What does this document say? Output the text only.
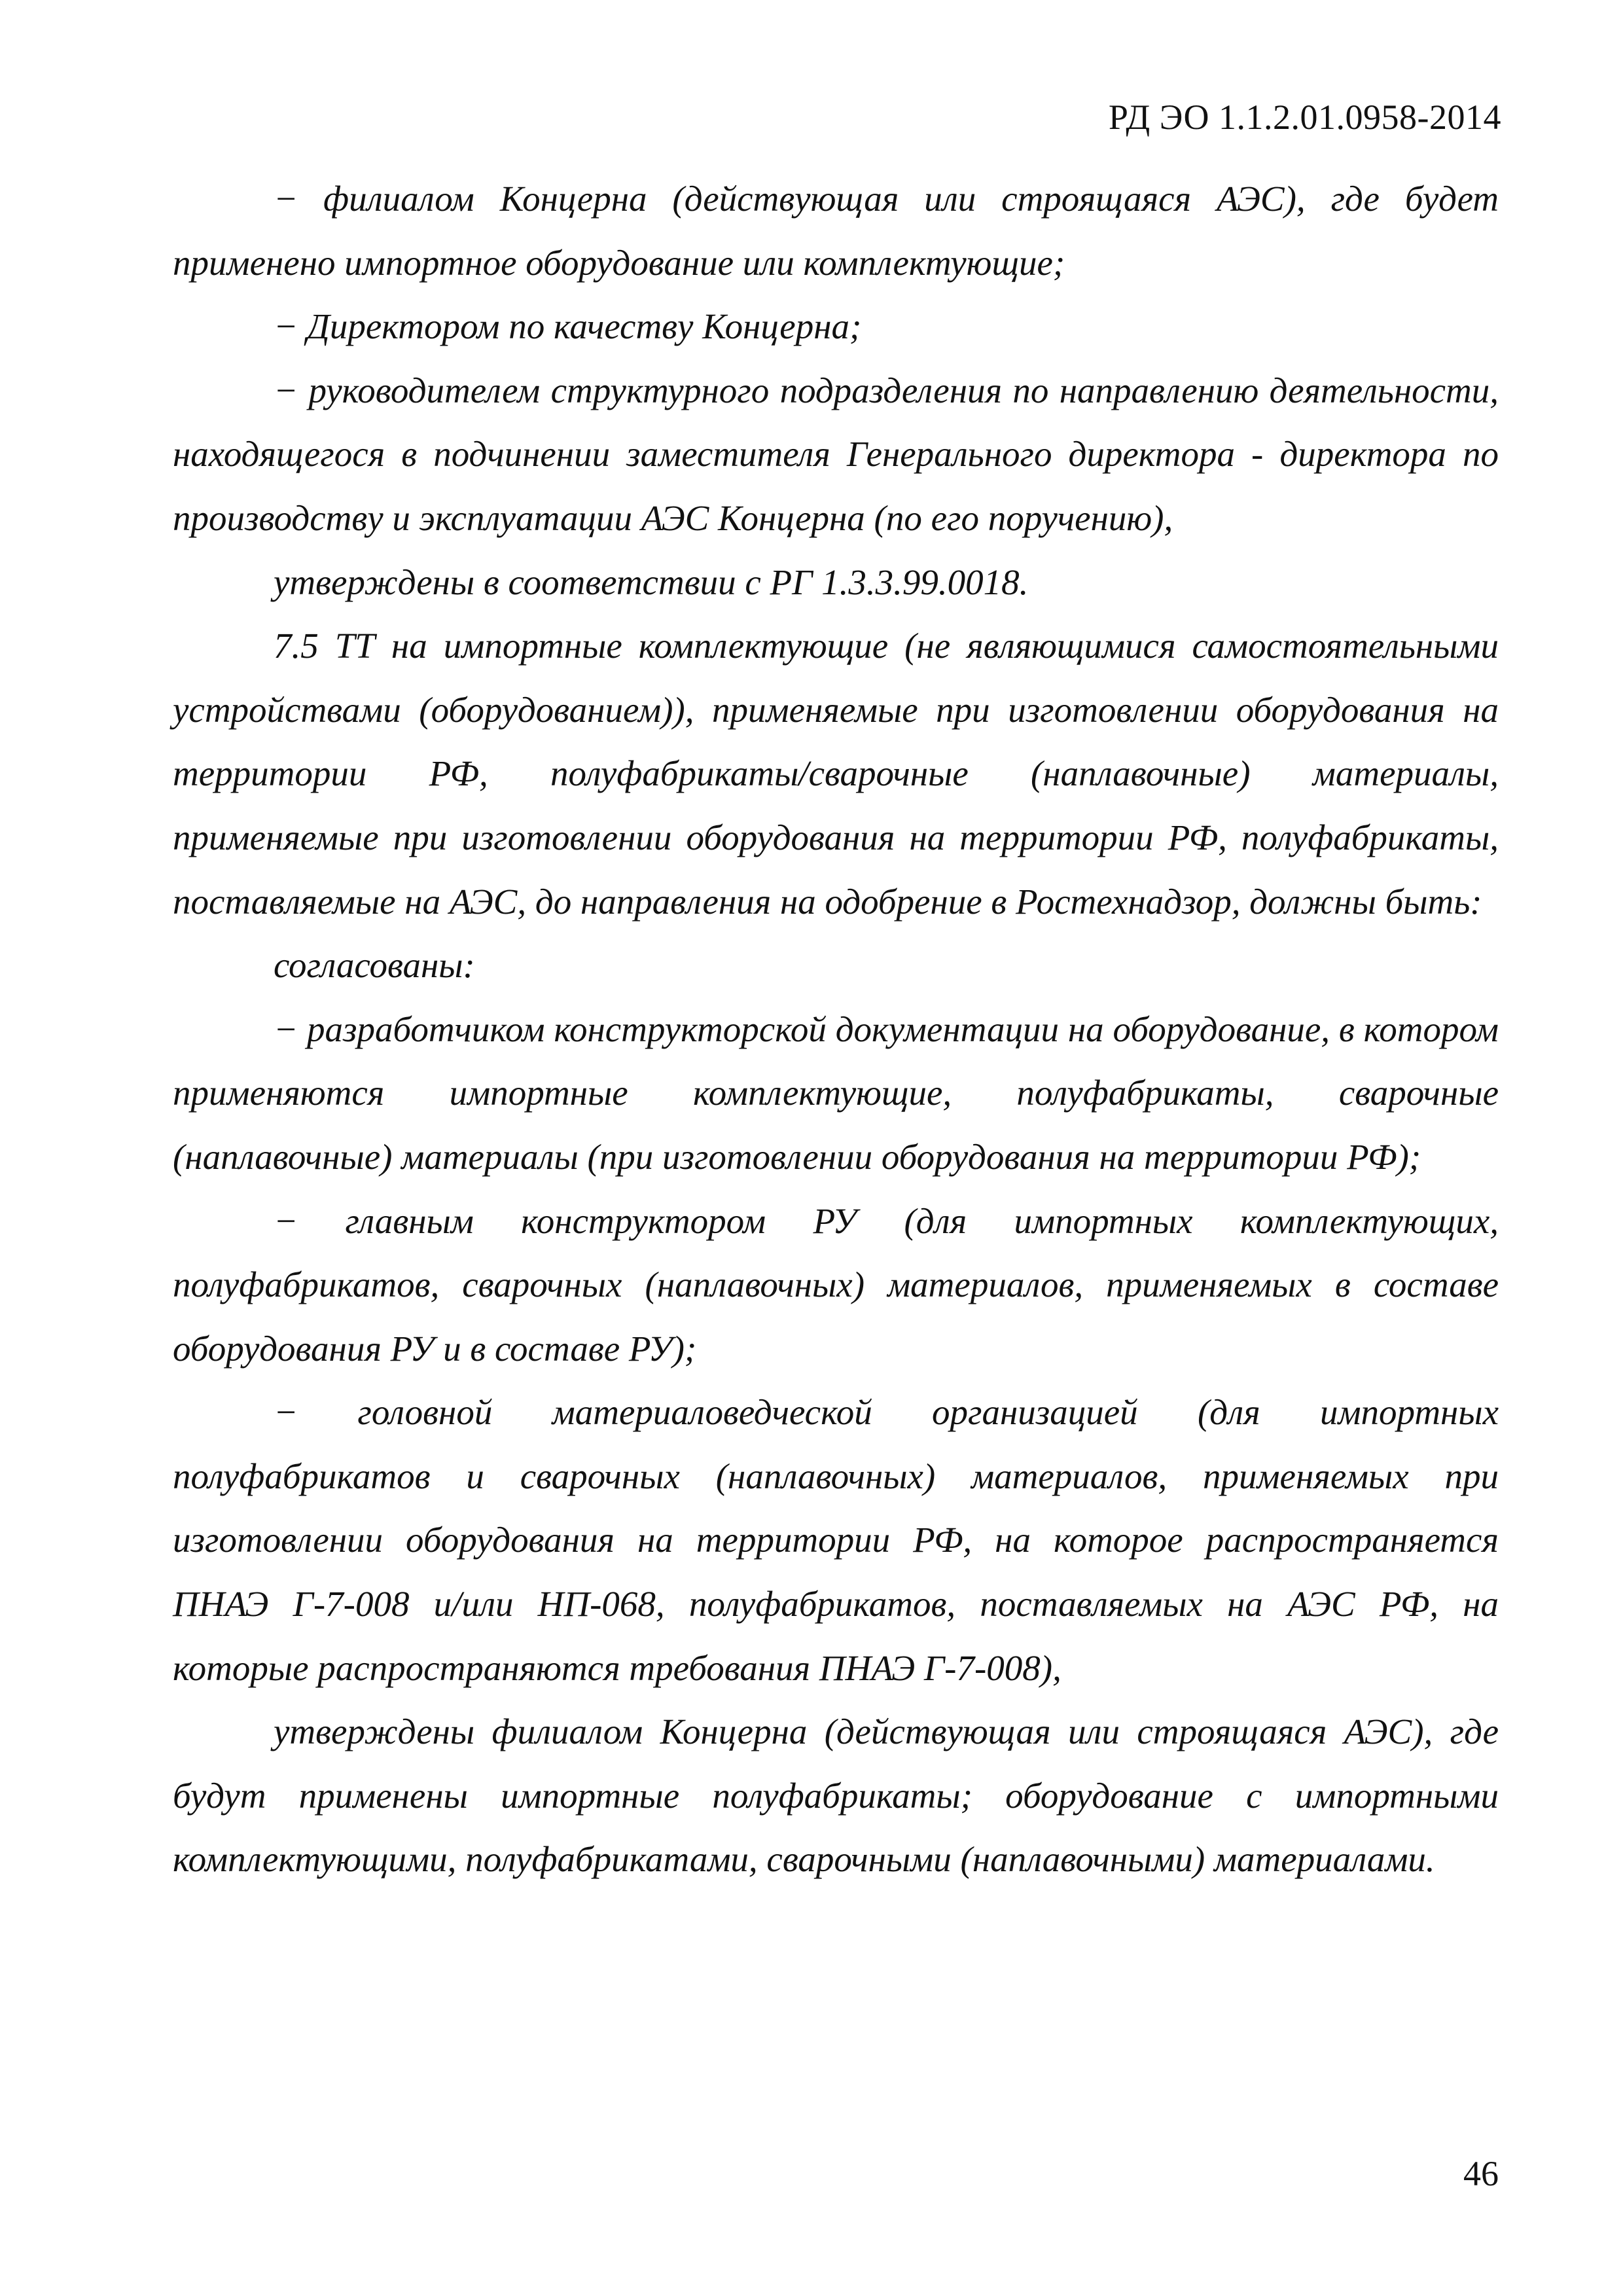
РД ЭО 1.1.2.01.0958-2014

− филиалом Концерна (действующая или строящаяся АЭС), где будет применено импортное оборудование или комплектующие;

− Директором по качеству Концерна;

− руководителем структурного подразделения по направлению деятельности, находящегося в подчинении заместителя Генерального директора - директора по производству и эксплуатации АЭС Концерна (по его поручению),

утверждены в соответствии с РГ 1.3.3.99.0018.

7.5 ТТ на импортные комплектующие (не являющимися самостоятельными устройствами (оборудованием)), применяемые при изготовлении оборудования на территории РФ, полуфабрикаты/сварочные (наплавочные) материалы, применяемые при изготовлении оборудования на территории РФ, полуфабрикаты, поставляемые на АЭС, до направления на одобрение в Ростехнадзор, должны быть:

согласованы:

− разработчиком конструкторской документации на оборудование, в котором применяются импортные комплектующие, полуфабрикаты, сварочные (наплавочные) материалы (при изготовлении оборудования на территории РФ);

− главным конструктором РУ (для импортных комплектующих, полуфабрикатов, сварочных (наплавочных) материалов, применяемых в составе оборудования РУ и в составе РУ);

− головной материаловедческой организацией (для импортных полуфабрикатов и сварочных (наплавочных) материалов, применяемых при изготовлении оборудования на территории РФ, на которое распространяется ПНАЭ Г-7-008 и/или НП-068, полуфабрикатов, поставляемых на АЭС РФ, на которые распространяются требования ПНАЭ Г-7-008),

утверждены филиалом Концерна (действующая или строящаяся АЭС), где будут применены импортные полуфабрикаты; оборудование с импортными комплектующими, полуфабрикатами, сварочными (наплавочными) материалами.

46
